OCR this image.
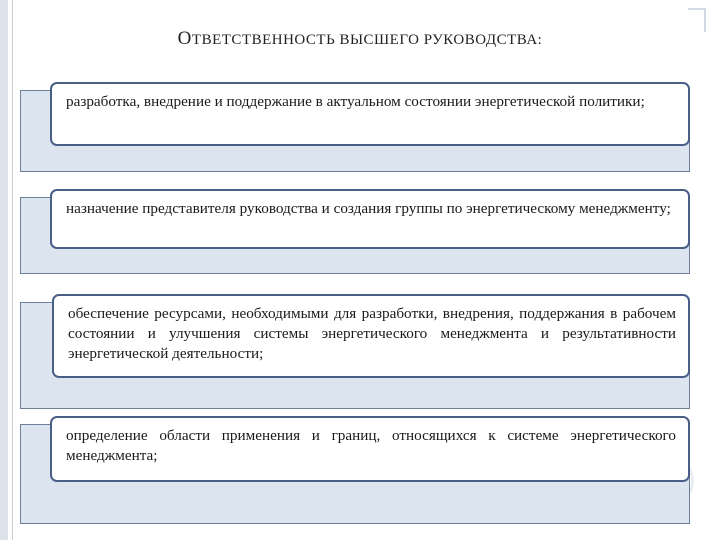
ОТВЕТСТВЕННОСТЬ ВЫСШЕГО РУКОВОДСТВА:
разработка, внедрение и поддержание в актуальном состоянии энергетической политики;
назначение представителя руководства и создания группы по энергетическому менеджменту;
обеспечение ресурсами, необходимыми для разработки, внедрения, поддержания в рабочем состоянии и улучшения системы энергетического менеджмента и результативности энергетической деятельности;
определение области применения и границ, относящихся к системе энергетического менеджмента;
